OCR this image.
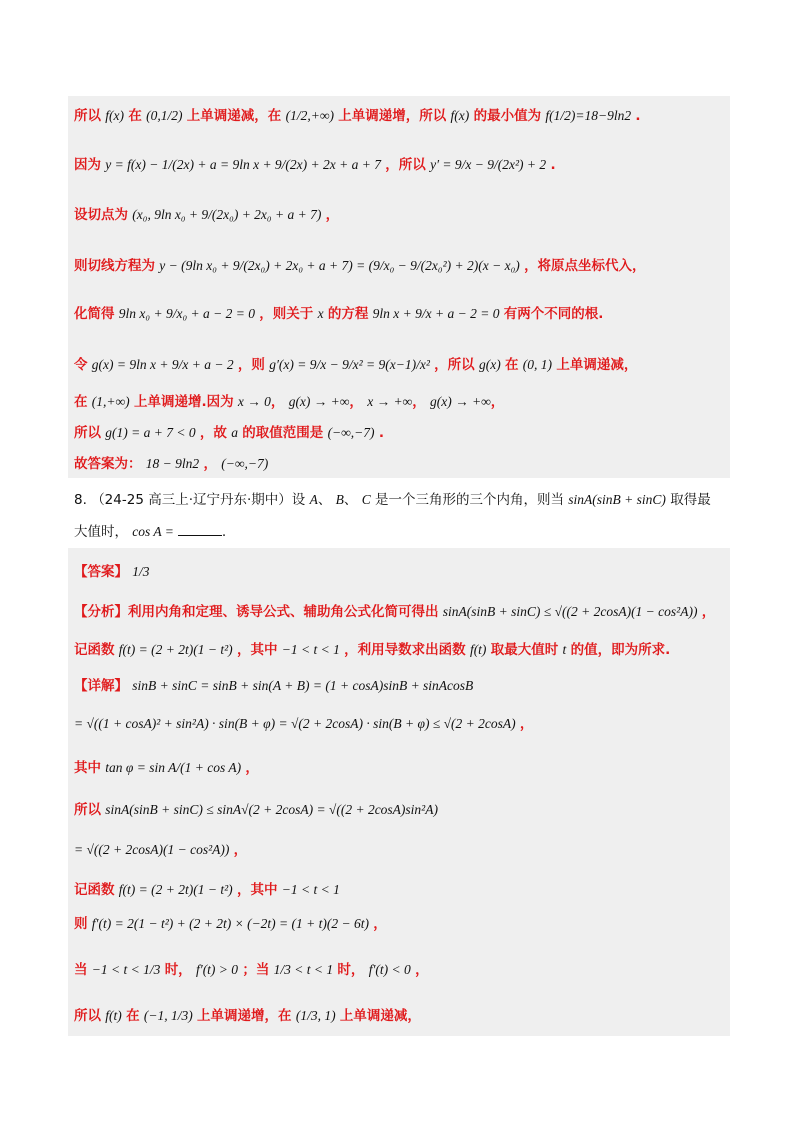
所以 f(x) 在 (0,1/2) 上单调递减，在 (1/2,+∞) 上单调递增，所以 f(x) 的最小值为 f(1/2)=18−9ln2 .
因为 y = f(x) − 1/(2x) + a = 9ln x + 9/(2x) + 2x + a + 7 ，所以 y′ = 9/x − 9/(2x²) + 2 .
设切点为 (x₀, 9ln x₀ + 9/(2x₀) + 2x₀ + a + 7) ，
则切线方程为 y − (9ln x₀ + 9/(2x₀) + 2x₀ + a + 7) = (9/x₀ − 9/(2x₀²) + 2)(x − x₀) ，将原点坐标代入，
化简得 9ln x₀ + 9/x₀ + a − 2 = 0 ，则关于 x 的方程 9ln x + 9/x + a − 2 = 0 有两个不同的根.
令 g(x) = 9ln x + 9/x + a − 2 ，则 g′(x) = 9/x − 9/x² = 9(x−1)/x² ，所以 g(x) 在 (0, 1) 上单调递减，
在 (1,+∞) 上单调递增.因为 x → 0， g(x) → +∞， x → +∞， g(x) → +∞，
所以 g(1) = a + 7 < 0 ，故 a 的取值范围是 (−∞,−7) .
故答案为： 18 − 9ln2 ， (−∞,−7)
8. （24-25 高三上·辽宁丹东·期中）设 A、 B、 C 是一个三角形的三个内角，则当 sinA(sinB + sinC) 取得最
大值时， cos A =	.
【答案】 1/3
【分析】利用内角和定理、诱导公式、辅助角公式化简可得出 sinA(sinB + sinC) ≤ √((2 + 2cosA)(1 − cos²A)) ，
记函数 f(t) = (2 + 2t)(1 − t²) ，其中 −1 < t < 1 ，利用导数求出函数 f(t) 取最大值时 t 的值，即为所求.
【详解】 sinB + sinC = sinB + sin(A + B) = (1 + cosA)sinB + sinAcosB
= √((1 + cosA)² + sin²A) · sin(B + φ) = √(2 + 2cosA) · sin(B + φ) ≤ √(2 + 2cosA) ，
其中 tan φ = sin A/(1 + cos A) ，
所以 sinA(sinB + sinC) ≤ sinA√(2 + 2cosA) = √((2 + 2cosA)sin²A)
= √((2 + 2cosA)(1 − cos²A)) ，
记函数 f(t) = (2 + 2t)(1 − t²) ，其中 −1 < t < 1
则 f′(t) = 2(1 − t²) + (2 + 2t) × (−2t) = (1 + t)(2 − 6t) ，
当 −1 < t < 1/3 时， f′(t) > 0 ；当 1/3 < t < 1 时， f′(t) < 0 ，
所以 f(t) 在 (−1, 1/3) 上单调递增，在 (1/3, 1) 上单调递减，
